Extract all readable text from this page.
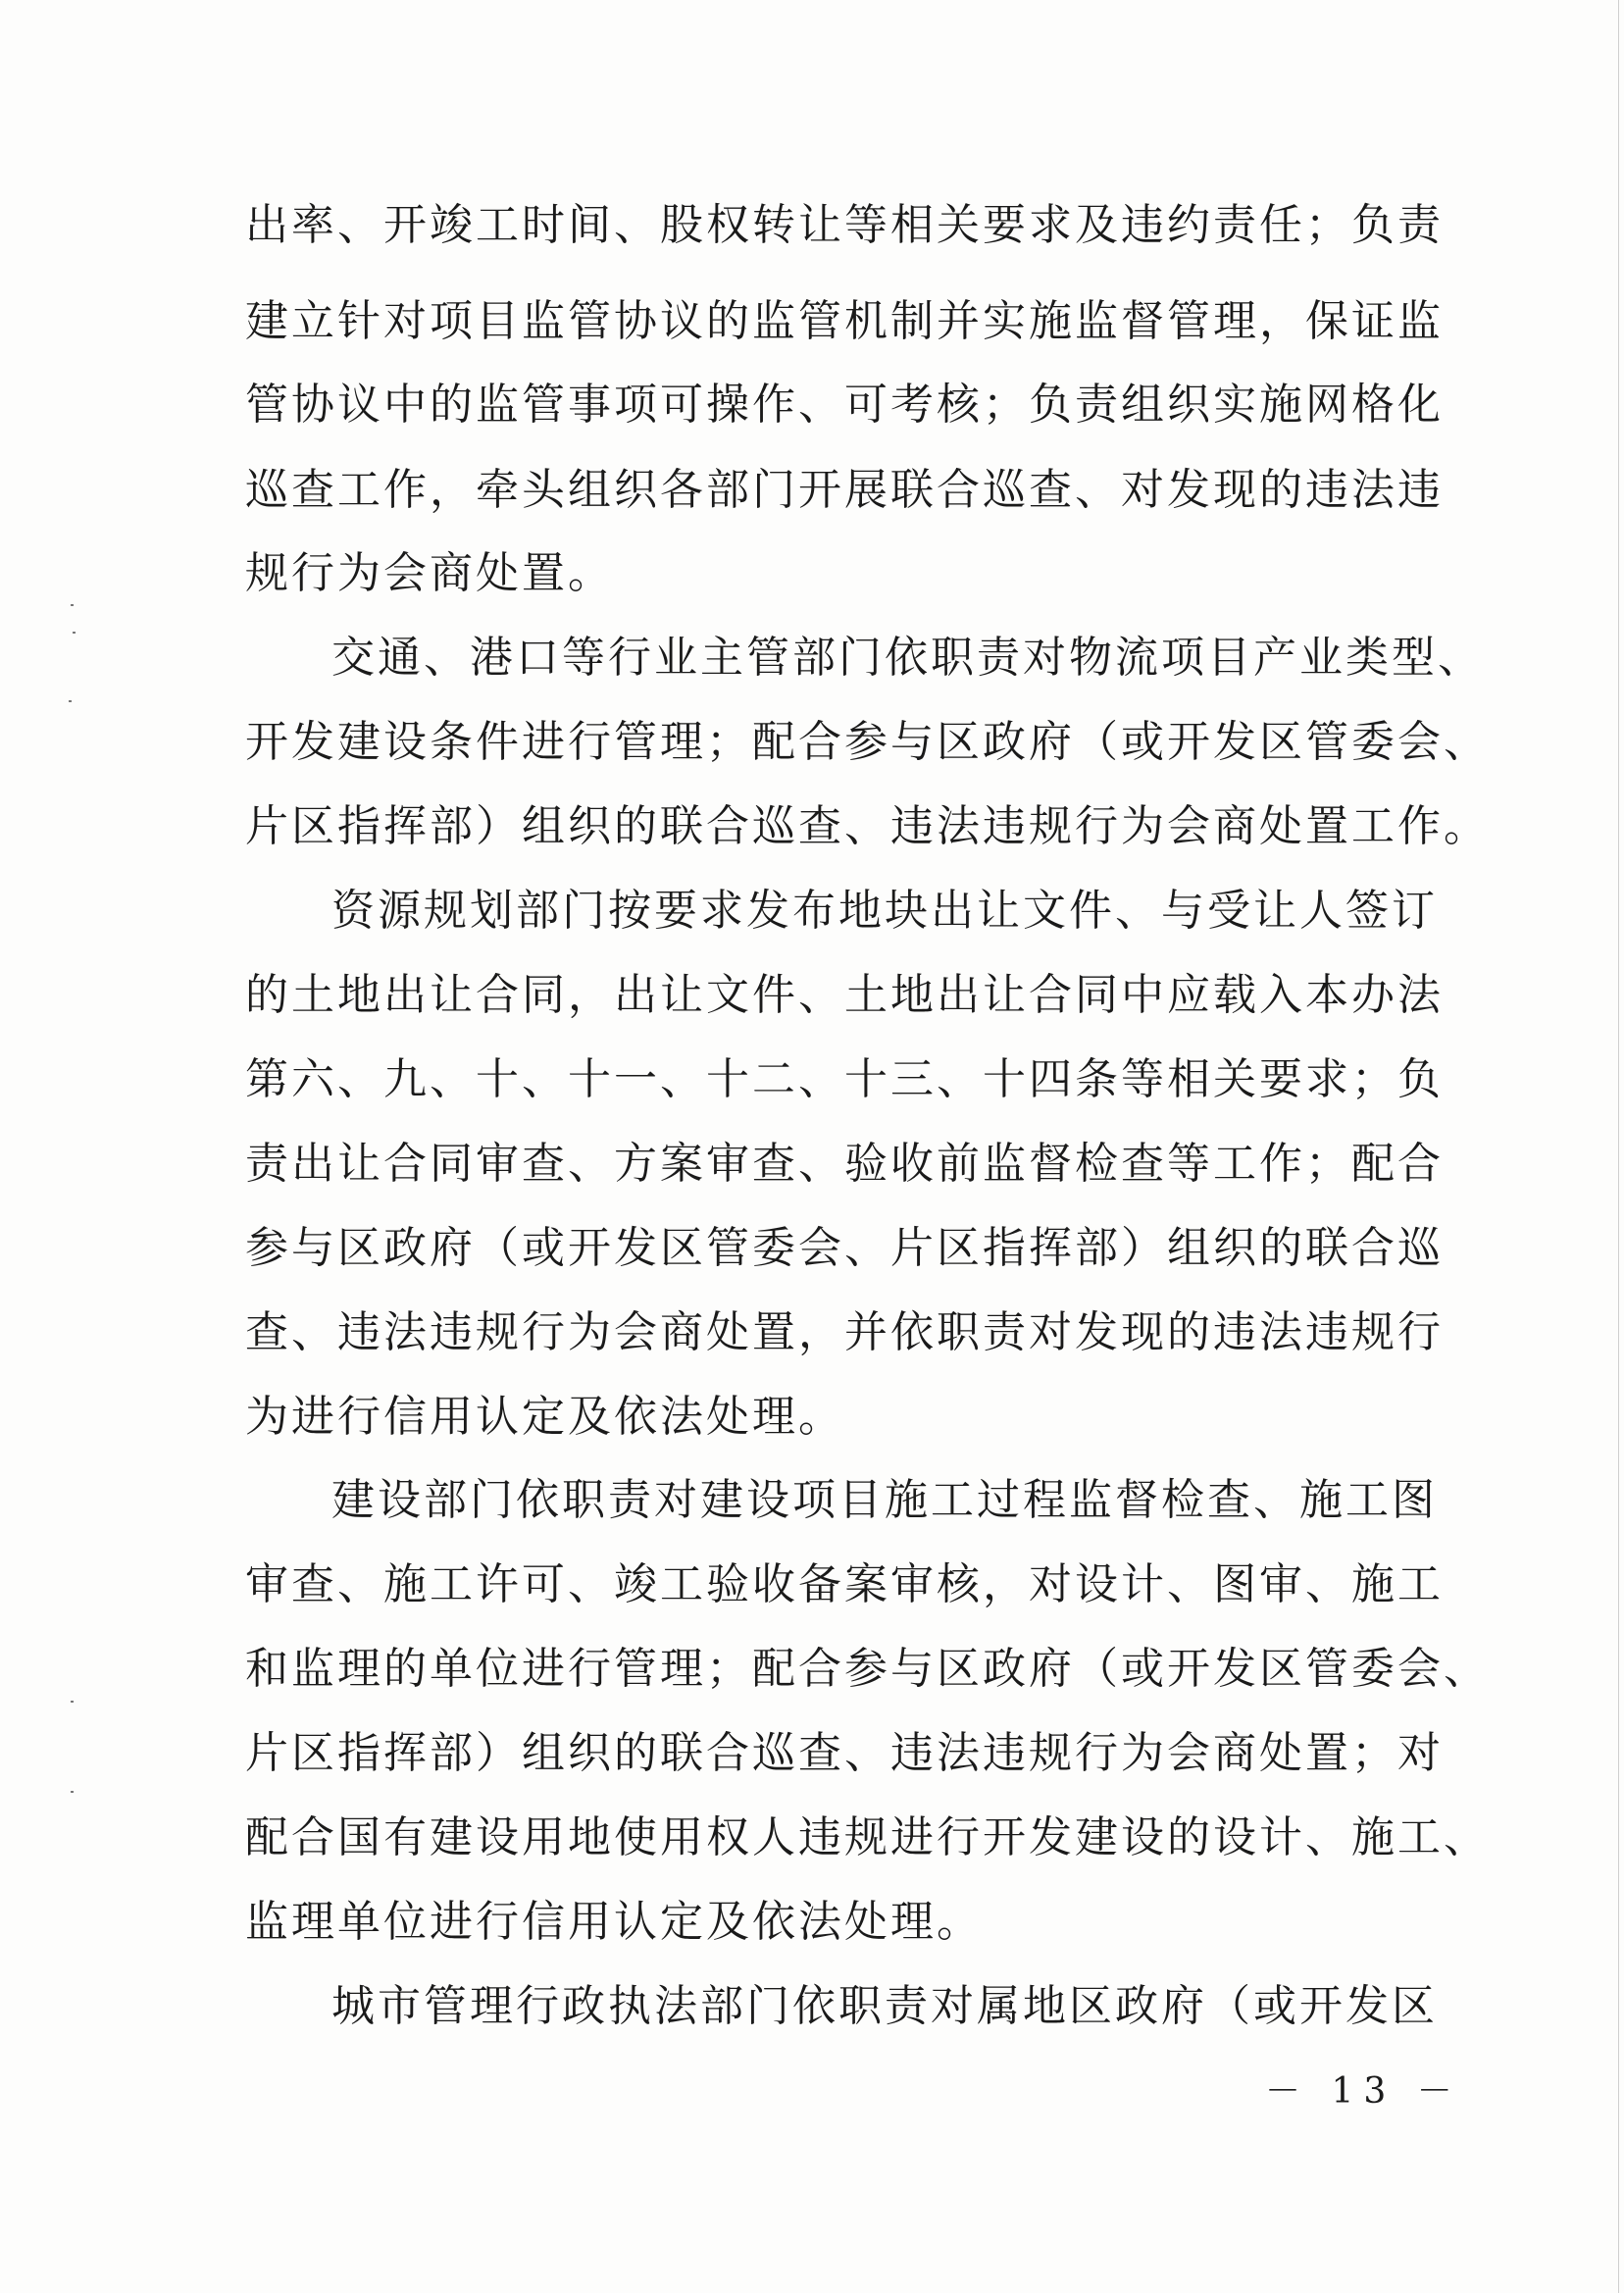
出率、开竣工时间、股权转让等相关要求及违约责任；负责
建立针对项目监管协议的监管机制并实施监督管理，保证监
管协议中的监管事项可操作、可考核；负责组织实施网格化
巡查工作，牵头组织各部门开展联合巡查、对发现的违法违
规行为会商处置。
交通、港口等行业主管部门依职责对物流项目产业类型、
开发建设条件进行管理；配合参与区政府（或开发区管委会、
片区指挥部）组织的联合巡查、违法违规行为会商处置工作。
资源规划部门按要求发布地块出让文件、与受让人签订
的土地出让合同，出让文件、土地出让合同中应载入本办法
第六、九、十、十一、十二、十三、十四条等相关要求；负
责出让合同审查、方案审查、验收前监督检查等工作；配合
参与区政府（或开发区管委会、片区指挥部）组织的联合巡
查、违法违规行为会商处置，并依职责对发现的违法违规行
为进行信用认定及依法处理。
建设部门依职责对建设项目施工过程监督检查、施工图
审查、施工许可、竣工验收备案审核，对设计、图审、施工
和监理的单位进行管理；配合参与区政府（或开发区管委会、
片区指挥部）组织的联合巡查、违法违规行为会商处置；对
配合国有建设用地使用权人违规进行开发建设的设计、施工、
监理单位进行信用认定及依法处理。
城市管理行政执法部门依职责对属地区政府（或开发区
－ 13 －
